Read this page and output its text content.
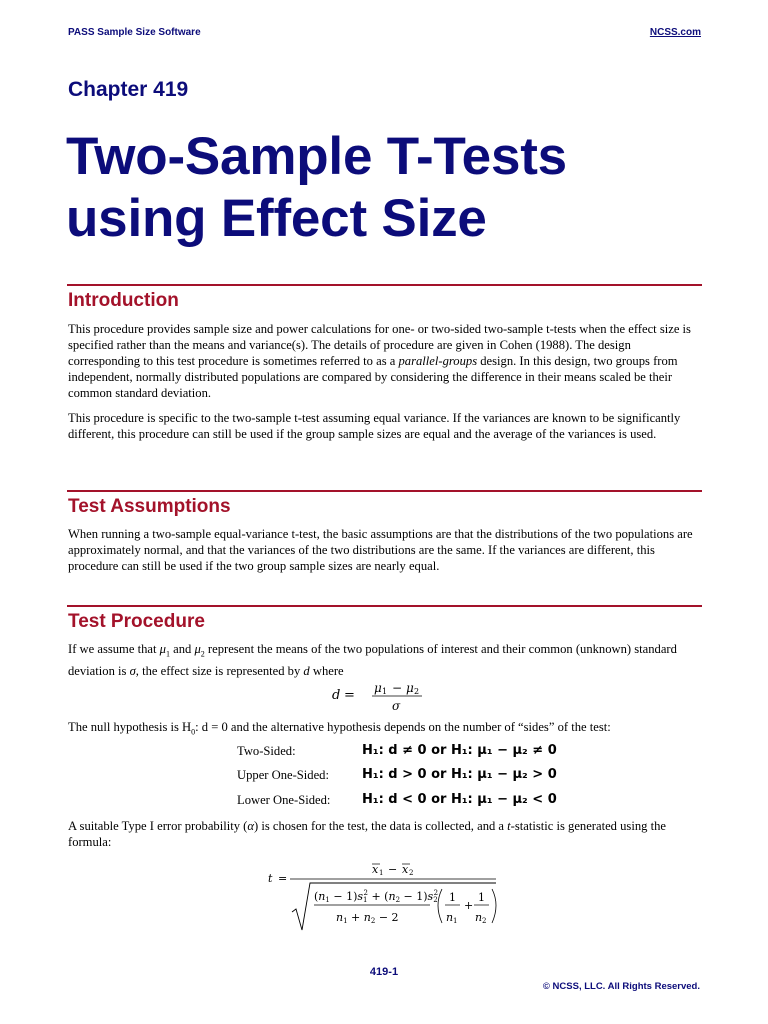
PASS Sample Size Software	NCSS.com
Chapter 419
Two-Sample T-Tests
using Effect Size
Introduction

This procedure provides sample size and power calculations for one- or two-sided two-sample t-tests when the effect size is specified rather than the means and variance(s). The details of procedure are given in Cohen (1988). The design corresponding to this test procedure is sometimes referred to as a parallel-groups design. In this design, two groups from independent, normally distributed populations are compared by considering the difference in their means scaled be their common standard deviation.

This procedure is specific to the two-sample t-test assuming equal variance. If the variances are known to be significantly different, this procedure can still be used if the group sample sizes are equal and the average of the variances is used.

Test Assumptions

When running a two-sample equal-variance t-test, the basic assumptions are that the distributions of the two populations are approximately normal, and that the variances of the two distributions are the same. If the variances are different, this procedure can still be used if the two group sample sizes are nearly equal.

Test Procedure

If we assume that $\mu_1$ and $\mu_2$ represent the means of the two populations of interest and their common (unknown) standard deviation is σ, the effect size is represented by d where

d = μ 1 − μ 2
σ

The null hypothesis is $H_0$: d = 0 and the alternative hypothesis depends on the number of “sides” of the test:

Two-Sided:	H₁: d ≠ 0 or H₁: μ₁ − μ₂ ≠ 0
Upper One-Sided:	H₁: d > 0 or H₁: μ₁ − μ₂ > 0
Lower One-Sided: H₁: d < 0 or H₁: μ₁ − μ₂ < 0

A suitable Type I error probability (α) is chosen for the test, the data is collected, and a t-statistic is generated using the formula:

t =
x 1 − x 2
(n1 − 1)s12 + (n2 − 1)s22
n1 + n2 − 2
1
n 1
+
1
n 2
419-1
© NCSS, LLC. All Rights Reserved.
